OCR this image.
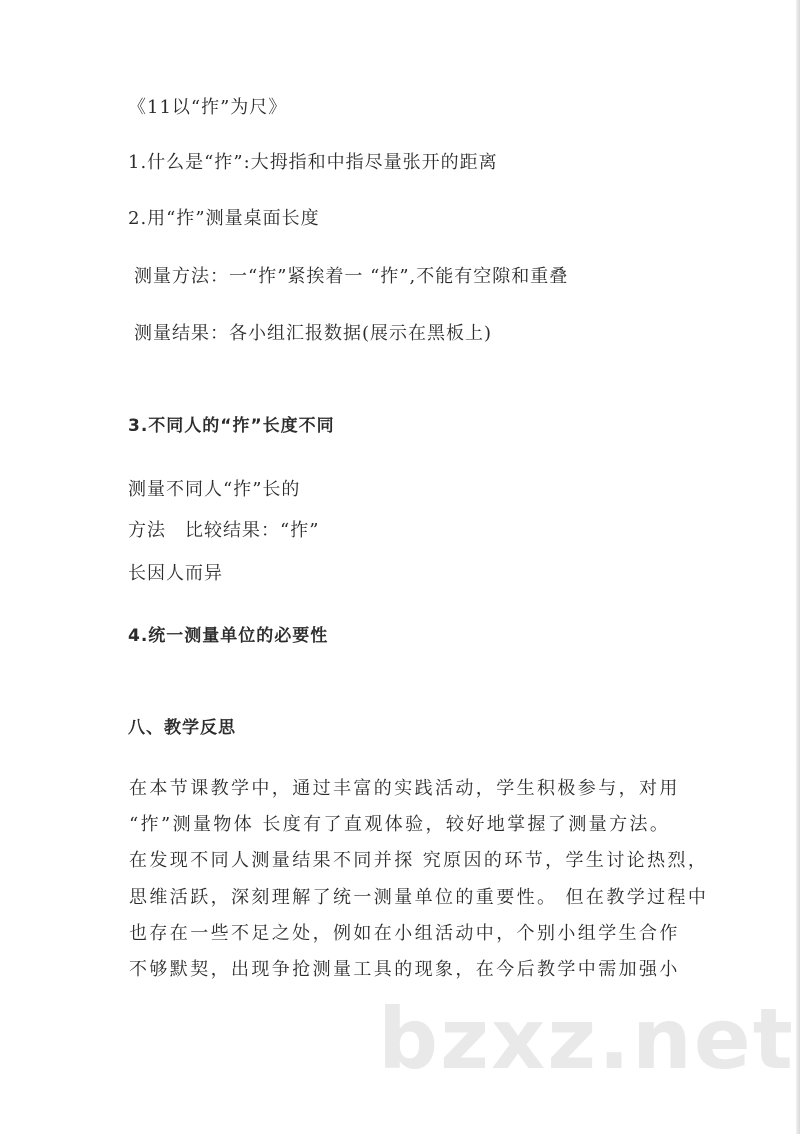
《11以“拃”为尺》
1.什么是“拃”:大拇指和中指尽量张开的距离
2.用“拃”测量桌面长度
测量方法：一“拃”紧挨着一 “拃”,不能有空隙和重叠
测量结果：各小组汇报数据(展示在黑板上)
3.不同人的“拃”长度不同
测量不同人“拃”长的
方法　比较结果：“拃”
长因人而异
4.统一测量单位的必要性
八、教学反思
在本节课教学中，通过丰富的实践活动，学生积极参与，对用
“拃”测量物体 长度有了直观体验，较好地掌握了测量方法。
在发现不同人测量结果不同并探 究原因的环节，学生讨论热烈，
思维活跃，深刻理解了统一测量单位的重要性。 但在教学过程中
也存在一些不足之处，例如在小组活动中，个别小组学生合作
不够默契，出现争抢测量工具的现象，在今后教学中需加强小
bzxz.net
